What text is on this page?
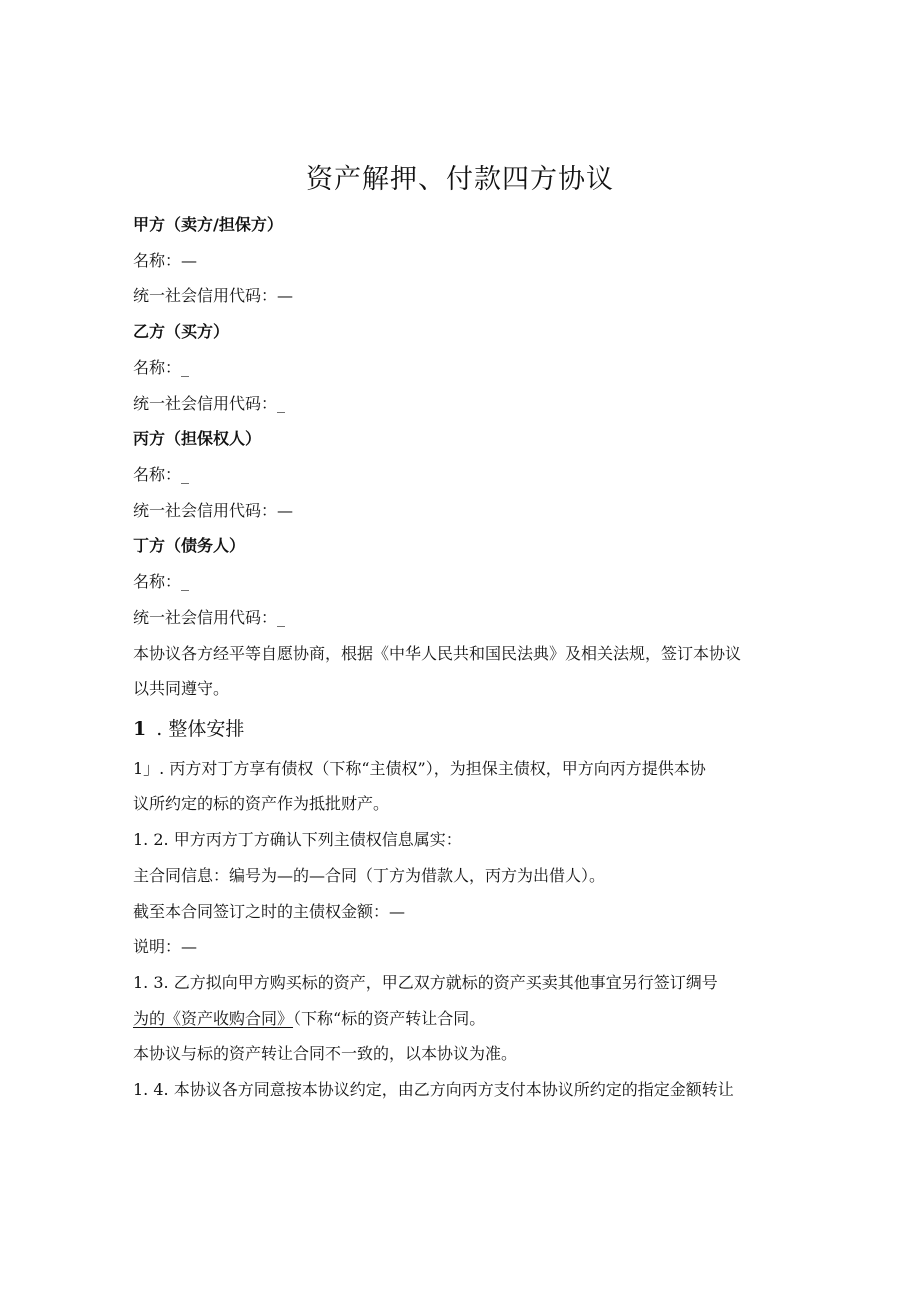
资产解押、付款四方协议

甲方（卖方/担保方）

名称：—

统一社会信用代码：—

乙方（买方）

名称：_

统一社会信用代码：_

丙方（担保权人）

名称：_

统一社会信用代码：—

丁方（债务人）

名称：_

统一社会信用代码：_

本协议各方经平等自愿协商，根据《中华人民共和国民法典》及相关法规，签订本协议

以共同遵守。

1 . 整体安排

1」. 丙方对丁方享有债权（下称“主债权”），为担保主债权，甲方向丙方提供本协

议所约定的标的资产作为抵批财产。

1. 2. 甲方丙方丁方确认下列主债权信息属实：

主合同信息：编号为—的—合同（丁方为借款人，丙方为出借人）。

截至本合同签订之时的主债权金额：—

说明：—

1. 3. 乙方拟向甲方购买标的资产，甲乙双方就标的资产买卖其他事宜另行签订绸号

为的《资产收购合同》（下称“标的资产转让合同。

本协议与标的资产转让合同不一致的，以本协议为准。

1. 4. 本协议各方同意按本协议约定，由乙方向丙方支付本协议所约定的指定金额转让
